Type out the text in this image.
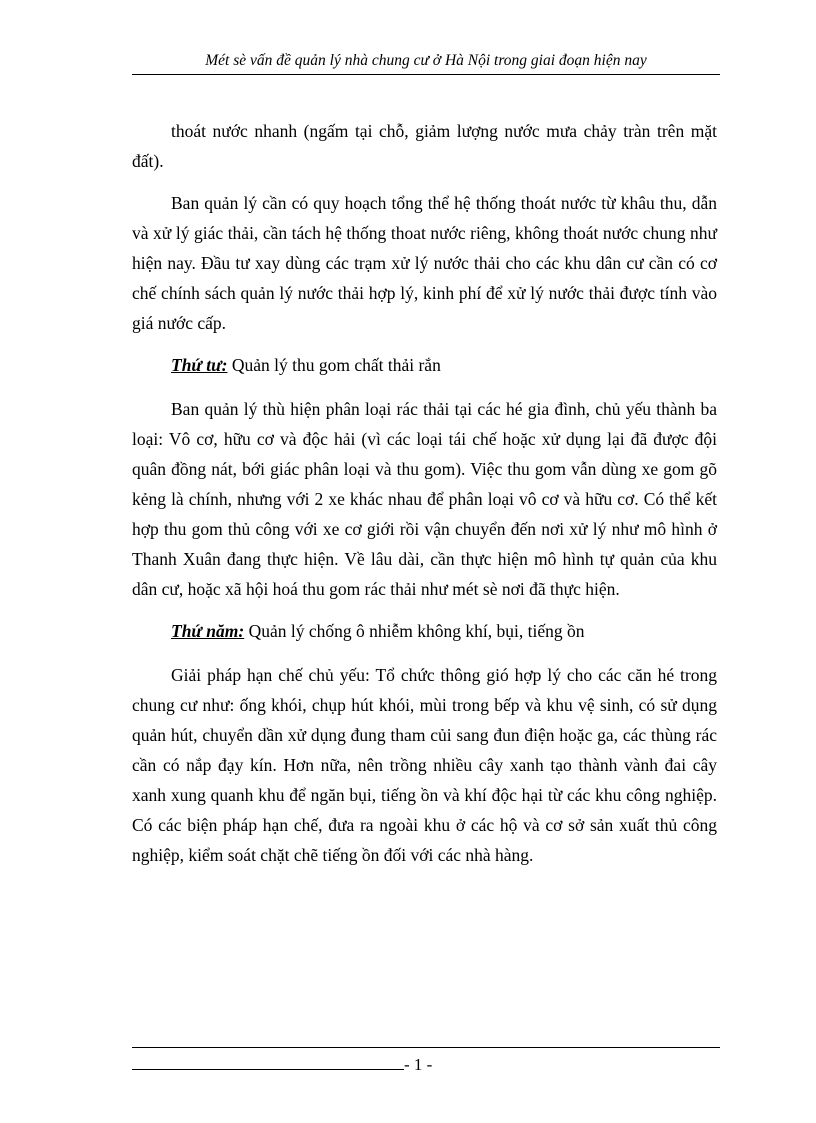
Mét sè vấn đề quản lý nhà chung cư ở Hà Nội trong giai đoạn hiện nay

thoát nước nhanh (ngấm tại chỗ, giảm lượng nước mưa chảy tràn trên mặt đất).

Ban quản lý cần có quy hoạch tổng thể hệ thống thoát nước từ khâu thu, dẫn và xử lý giác thải, cần tách hệ thống thoat nước riêng, không thoát nước chung như hiện nay. Đầu tư xay dùng các trạm xử lý nước thải cho các khu dân cư cần có cơ chế chính sách quản lý nước thải hợp lý, kinh phí để xử lý nước thải được tính vào giá nước cấp.

Thứ tư: Quản lý thu gom chất thải rắn

Ban quản lý thù hiện phân loại rác thải tại các hé gia đình, chủ yếu thành ba loại: Vô cơ, hữu cơ và độc hải (vì các loại tái chế hoặc xử dụng lại đã được đội quân đồng nát, bới giác phân loại và thu gom). Việc thu gom vẫn dùng xe gom gõ kẻng là chính, nhưng với 2 xe khác nhau để phân loại vô cơ và hữu cơ. Có thể kết hợp thu gom thủ công với xe cơ giới rồi vận chuyển đến nơi xử lý như mô hình ở Thanh Xuân đang thực hiện. Về lâu dài, cần thực hiện mô hình tự quản của khu dân cư, hoặc xã hội hoá thu gom rác thải như mét sè nơi đã thực hiện.

Thứ năm: Quản lý chống ô nhiễm không khí, bụi, tiếng ồn

Giải pháp hạn chế chủ yếu: Tổ chức thông gió hợp lý cho các căn hé trong chung cư như: ống khói, chụp hút khói, mùi trong bếp và khu vệ sinh, có sử dụng quản hút, chuyển dần xử dụng đung tham củi sang đun điện hoặc ga, các thùng rác cần có nắp đạy kín. Hơn nữa, nên trồng nhiều cây xanh tạo thành vành đai cây xanh xung quanh khu để ngăn bụi, tiếng ồn và khí độc hại từ các khu công nghiệp. Có các biện pháp hạn chế, đưa ra ngoài khu ở các hộ và cơ sở sản xuất thủ công nghiệp, kiểm soát chặt chẽ tiếng ồn đối với các nhà hàng.

- 1 -
